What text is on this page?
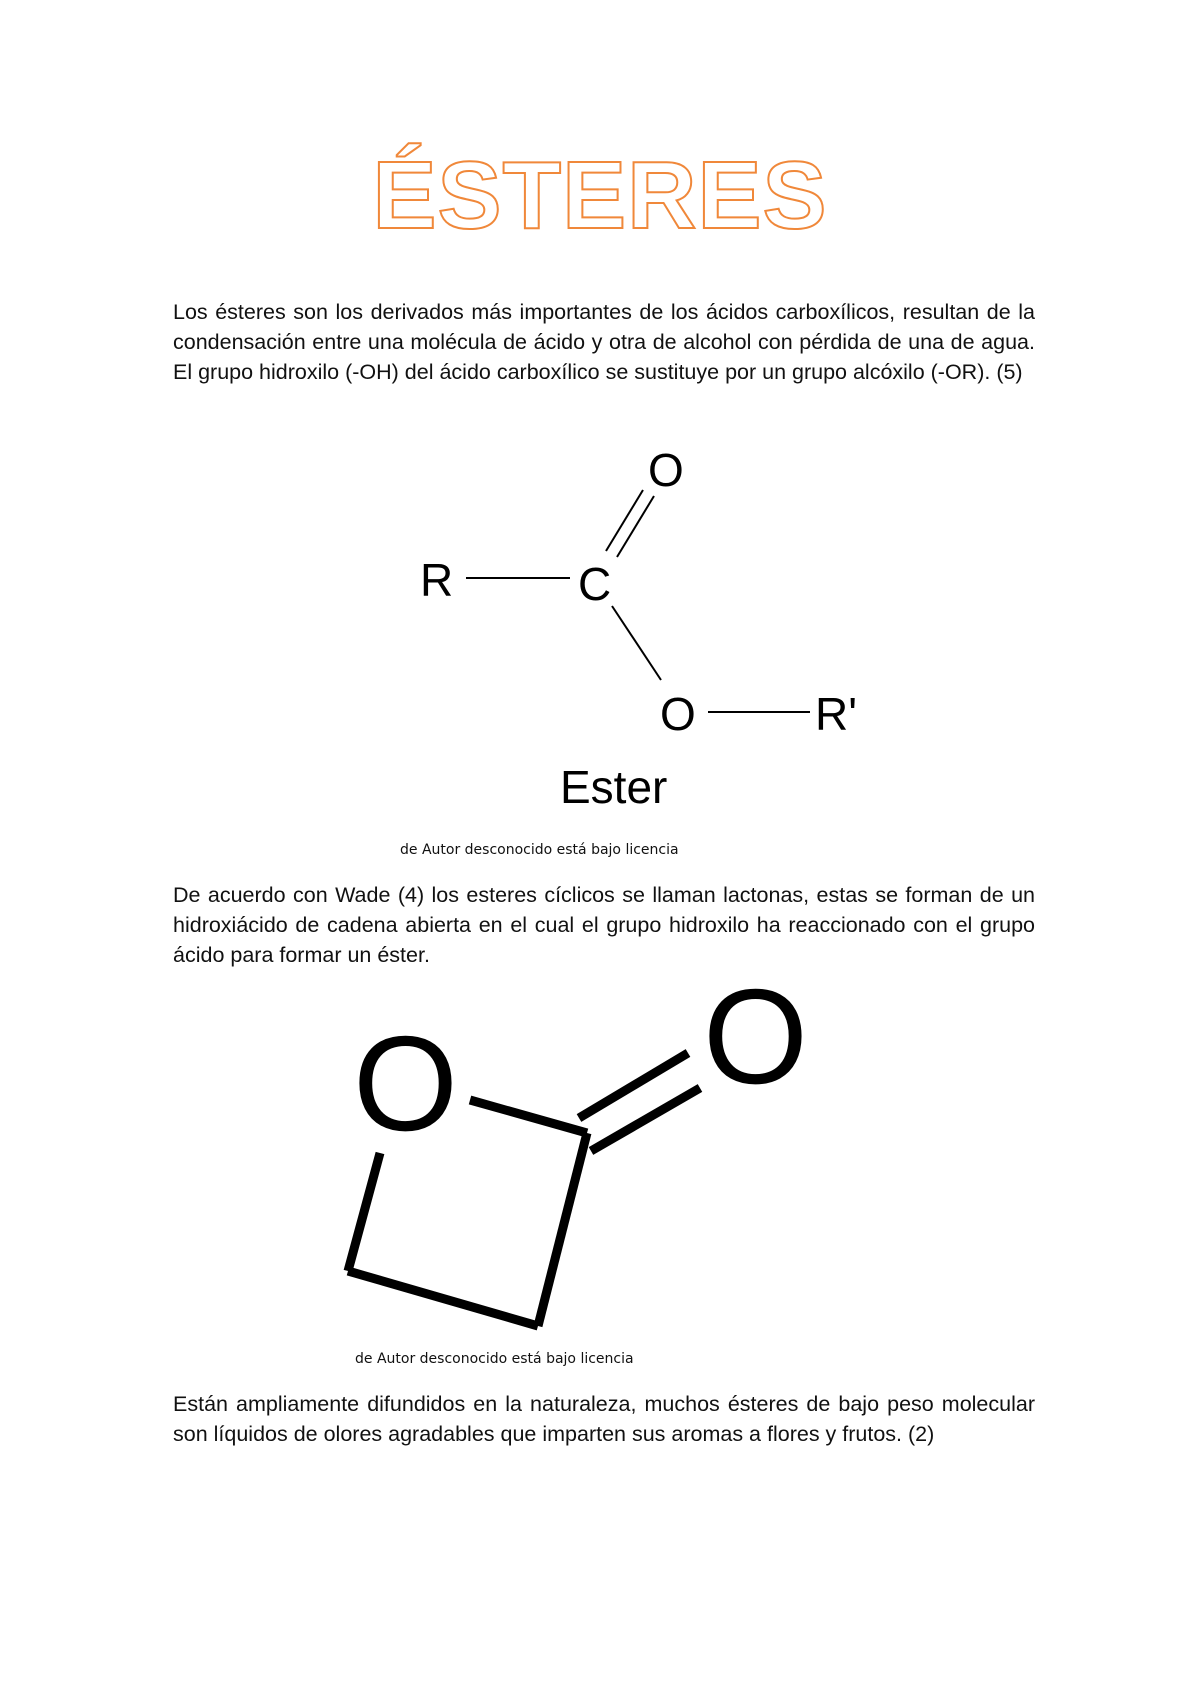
ÉSTERES

Los ésteres son los derivados más importantes de los ácidos carboxílicos, resultan de la condensación entre una molécula de ácido y otra de alcohol con pérdida de una de agua. El grupo hidroxilo (-OH) del ácido carboxílico se sustituye por un grupo alcóxilo (-OR). (5)

R	C
O
O	R'
Ester
de Autor desconocido está bajo licencia

De acuerdo con Wade (4) los esteres cíclicos se llaman lactonas, estas se forman de un hidroxiácido de cadena abierta en el cual el grupo hidroxilo ha reaccionado con el grupo ácido para formar un éster.

O O
de Autor desconocido está bajo licencia

Están ampliamente difundidos en la naturaleza, muchos ésteres de bajo peso molecular son líquidos de olores agradables que imparten sus aromas a flores y frutos. (2)
